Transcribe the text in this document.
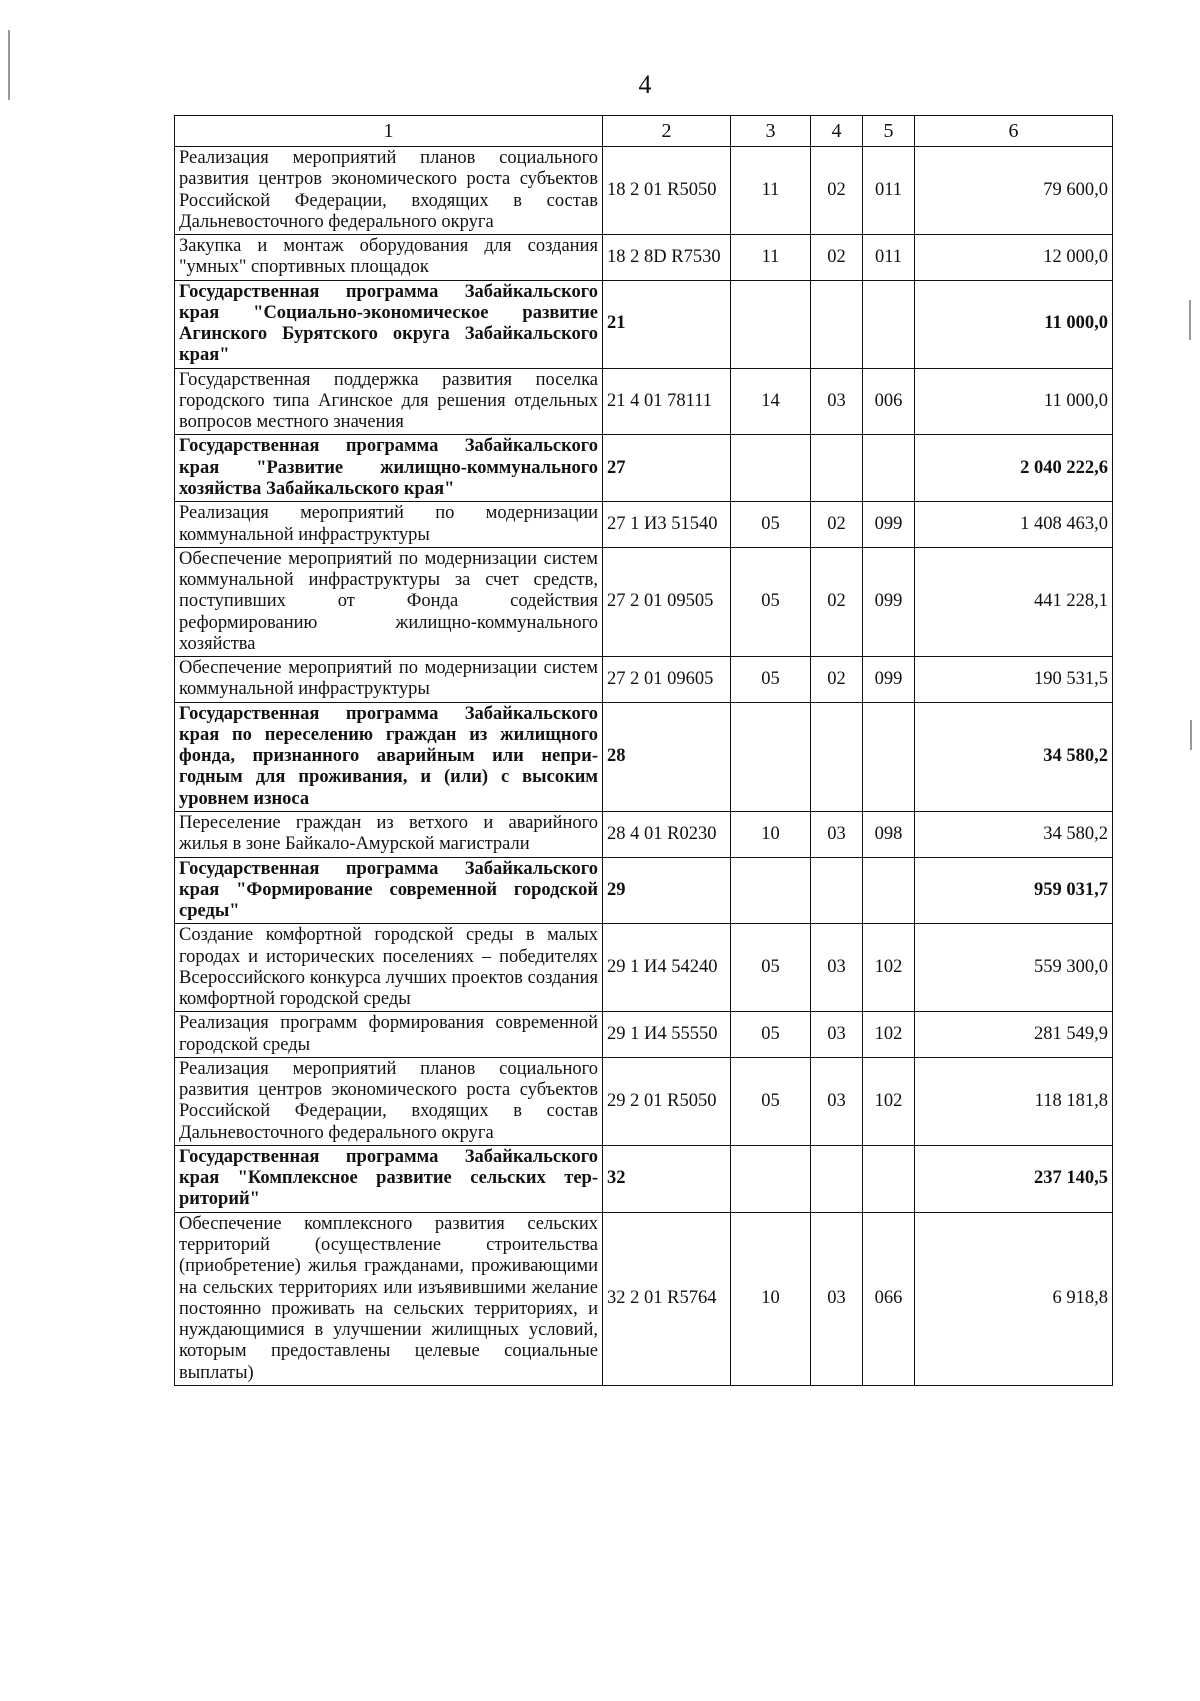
4
1	2	3	4	5	6
Реализация мероприятий планов социального развития центров экономического роста субъектов Российской Федерации, входящих в состав Дальневосточного федерального округа	18 2 01 R5050	11	02	011	79 600,0
Закупка и монтаж оборудования для создания "умных" спортивных площадок	18 2 8D R7530	11	02	011	12 000,0
Государственная программа Забайкальского края "Социально-экономическое развитие Агинского Бурятского округа Забайкальского края"	21				11 000,0
Государственная поддержка развития поселка городского типа Агинское для решения отдельных вопросов местного значения	21 4 01 78111	14	03	006	11 000,0
Государственная программа Забайкальского края "Развитие жилищно-коммунального хозяйства Забайкальского края"	27				2 040 222,6
Реализация мероприятий по модернизации коммунальной инфраструктуры	27 1 И3 51540	05	02	099	1 408 463,0
Обеспечение мероприятий по модернизации систем коммунальной инфраструктуры за счет средств, поступивших от Фонда содействия реформированию жилищно-коммунального хозяйства	27 2 01 09505	05	02	099	441 228,1
Обеспечение мероприятий по модернизации систем коммунальной инфраструктуры	27 2 01 09605	05	02	099	190 531,5
Государственная программа Забайкальского края по переселению граждан из жилищного фонда, признанного аварийным или непригодным для проживания, и (или) с высоким уровнем износа	28				34 580,2
Переселение граждан из ветхого и аварийного жилья в зоне Байкало-Амурской магистрали	28 4 01 R0230	10	03	098	34 580,2
Государственная программа Забайкальского края "Формирование современной городской среды"	29				959 031,7
Создание комфортной городской среды в малых городах и исторических поселениях – победителях Всероссийского конкурса лучших проектов создания комфортной городской среды	29 1 И4 54240	05	03	102	559 300,0
Реализация программ формирования современной городской среды	29 1 И4 55550	05	03	102	281 549,9
Реализация мероприятий планов социального развития центров экономического роста субъектов Российской Федерации, входящих в состав Дальневосточного федерального округа	29 2 01 R5050	05	03	102	118 181,8
Государственная программа Забайкальского края "Комплексное развитие сельских территорий"	32				237 140,5
Обеспечение комплексного развития сельских территорий (осуществление строительства (приобретение) жилья гражданами, проживающими на сельских территориях или изъявившими желание постоянно проживать на сельских территориях, и нуждающимися в улучшении жилищных условий, которым предоставлены целевые социальные выплаты)	32 2 01 R5764	10	03	066	6 918,8
